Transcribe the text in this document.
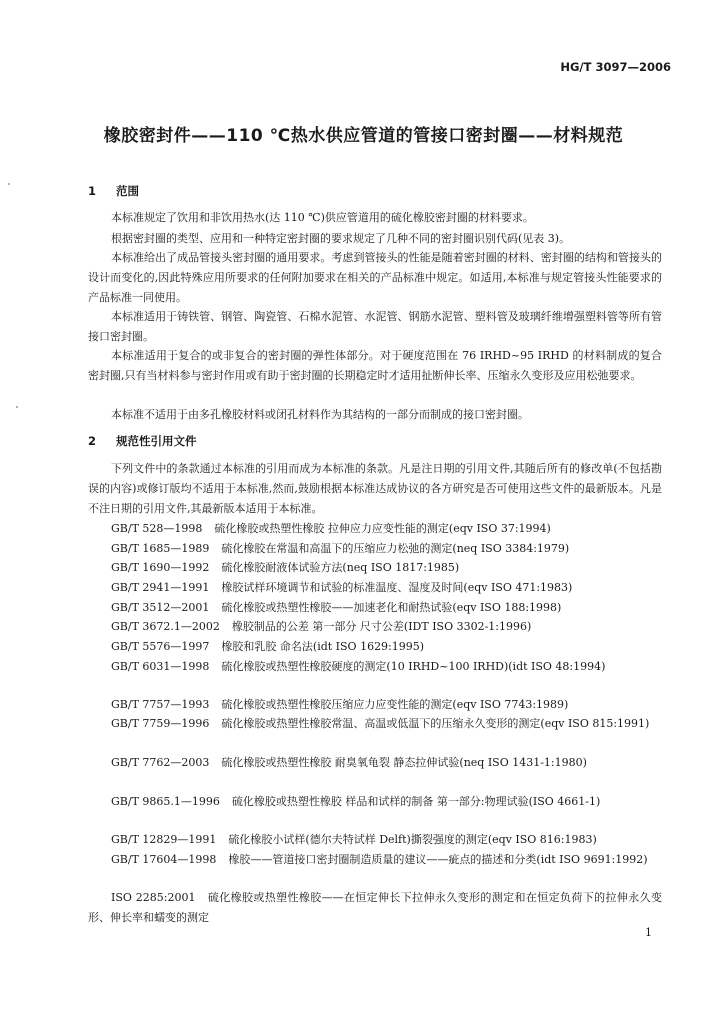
HG/T 3097—2006
橡胶密封件——110 ℃热水供应管道的管接口密封圈——材料规范
1 范围

本标准规定了饮用和非饮用热水(达 110 ℃)供应管道用的硫化橡胶密封圈的材料要求。

根据密封圈的类型、应用和一种特定密封圈的要求规定了几种不同的密封圈识别代码(见表 3)。

本标准给出了成品管接头密封圈的通用要求。考虑到管接头的性能是随着密封圈的材料、密封圈的结构和管接头的设计而变化的,因此特殊应用所要求的任何附加要求在相关的产品标准中规定。如适用,本标准与规定管接头性能要求的产品标准一同使用。

本标准适用于铸铁管、钢管、陶瓷管、石棉水泥管、水泥管、钢筋水泥管、塑料管及玻璃纤维增强塑料管等所有管接口密封圈。

本标准适用于复合的或非复合的密封圈的弹性体部分。对于硬度范围在 76 IRHD~95 IRHD 的材料制成的复合密封圈,只有当材料参与密封作用或有助于密封圈的长期稳定时才适用扯断伸长率、压缩永久变形及应用松弛要求。

本标准不适用于由多孔橡胶材料或闭孔材料作为其结构的一部分而制成的接口密封圈。

2 规范性引用文件

下列文件中的条款通过本标准的引用而成为本标准的条款。凡是注日期的引用文件,其随后所有的修改单(不包括勘误的内容)或修订版均不适用于本标准,然而,鼓励根据本标准达成协议的各方研究是否可使用这些文件的最新版本。凡是不注日期的引用文件,其最新版本适用于本标准。

GB/T 528—1998 硫化橡胶或热塑性橡胶 拉伸应力应变性能的测定(eqv ISO 37:1994)

GB/T 1685—1989 硫化橡胶在常温和高温下的压缩应力松弛的测定(neq ISO 3384:1979)

GB/T 1690—1992 硫化橡胶耐液体试验方法(neq ISO 1817:1985)

GB/T 2941—1991 橡胶试样环境调节和试验的标准温度、湿度及时间(eqv ISO 471:1983)

GB/T 3512—2001 硫化橡胶或热塑性橡胶——加速老化和耐热试验(eqv ISO 188:1998)

GB/T 3672.1—2002 橡胶制品的公差 第一部分 尺寸公差(IDT ISO 3302-1:1996)

GB/T 5576—1997 橡胶和乳胶 命名法(idt ISO 1629:1995)

GB/T 6031—1998 硫化橡胶或热塑性橡胶硬度的测定(10 IRHD~100 IRHD)(idt ISO 48:1994)

GB/T 7757—1993 硫化橡胶或热塑性橡胶压缩应力应变性能的测定(eqv ISO 7743:1989)

GB/T 7759—1996 硫化橡胶或热塑性橡胶常温、高温或低温下的压缩永久变形的测定(eqv ISO 815:1991)

GB/T 7762—2003 硫化橡胶或热塑性橡胶 耐臭氧龟裂 静态拉伸试验(neq ISO 1431-1:1980)

GB/T 9865.1—1996 硫化橡胶或热塑性橡胶 样品和试样的制备 第一部分:物理试验(ISO 4661-1)

GB/T 12829—1991 硫化橡胶小试样(德尔夫特试样 Delft)撕裂强度的测定(eqv ISO 816:1983)

GB/T 17604—1998 橡胶——管道接口密封圈制造质量的建议——疵点的描述和分类(idt ISO 9691:1992)

ISO 2285:2001 硫化橡胶或热塑性橡胶——在恒定伸长下拉伸永久变形的测定和在恒定负荷下的拉伸永久变形、伸长率和蠕变的测定

1
